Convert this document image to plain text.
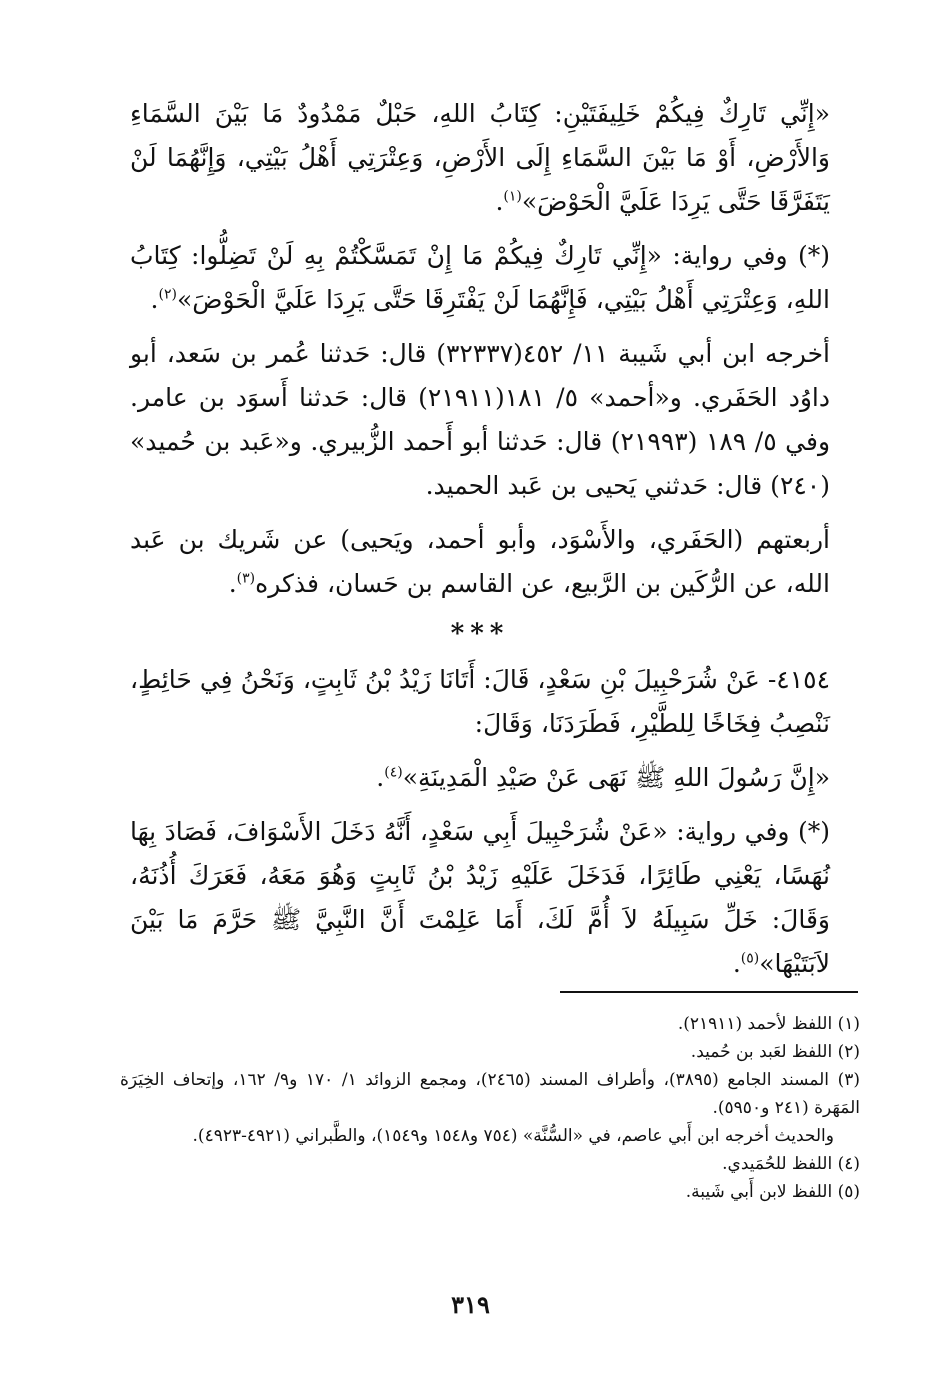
«إِنِّي تَارِكٌ فِيكُمْ خَلِيفَتَيْنِ: كِتَابُ اللهِ، حَبْلٌ مَمْدُودٌ مَا بَيْنَ السَّمَاءِ وَالأَرْضِ، أَوْ مَا بَيْنَ السَّمَاءِ إِلَى الأَرْضِ، وَعِتْرَتِي أَهْلُ بَيْتِي، وَإِنَّهُمَا لَنْ يَتَفَرَّقَا حَتَّى يَرِدَا عَلَيَّ الْحَوْضَ»$^{(١)}$.

(*) وفي رواية: «إِنِّي تَارِكٌ فِيكُمْ مَا إِنْ تَمَسَّكْتُمْ بِهِ لَنْ تَضِلُّوا: كِتَابُ اللهِ، وَعِتْرَتِي أَهْلُ بَيْتِي، فَإِنَّهُمَا لَنْ يَفْتَرِقَا حَتَّى يَرِدَا عَلَيَّ الْحَوْضَ»$^{(٢)}$.

أخرجه ابن أبي شَيبة ١١/ ٤٥٢(٣٢٣٣٧) قال: حَدثنا عُمر بن سَعد، أبو داوُد الحَفَري. و«أحمد» ٥/ ١٨١(٢١٩١١) قال: حَدثنا أَسوَد بن عامر. وفي ٥/ ١٨٩ (٢١٩٩٣) قال: حَدثنا أبو أَحمد الزُّبيري. و«عَبد بن حُميد» (٢٤٠) قال: حَدثني يَحيى بن عَبد الحميد.

أربعتهم (الحَفَري، والأَسْوَد، وأبو أحمد، ويَحيى) عن شَريك بن عَبد الله، عن الرُّكَين بن الرَّبيع، عن القاسم بن حَسان، فذكره$^{(٣)}$.

***

٤١٥٤- عَنْ شُرَحْبِيلَ بْنِ سَعْدٍ، قَالَ: أَتَانَا زَيْدُ بْنُ ثَابِتٍ، وَنَحْنُ فِي حَائِطٍ، نَنْصِبُ فِخَاخًا لِلطَّيْرِ، فَطَرَدَنَا، وَقَالَ:

«إِنَّ رَسُولَ اللهِ ﷺ نَهَى عَنْ صَيْدِ الْمَدِينَةِ»$^{(٤)}$.

(*) وفي رواية: «عَنْ شُرَحْبِيلَ أَبِي سَعْدٍ، أَنَّهُ دَخَلَ الأَسْوَافَ، فَصَادَ بِهَا نُهَسًا، يَعْنِي طَائِرًا، فَدَخَلَ عَلَيْهِ زَيْدُ بْنُ ثَابِتٍ وَهُوَ مَعَهُ، فَعَرَكَ أُذُنَهُ، وَقَالَ: خَلِّ سَبِيلَهُ لاَ أُمَّ لَكَ، أَمَا عَلِمْتَ أَنَّ النَّبِيَّ ﷺ حَرَّمَ مَا بَيْنَ لاَبَتَيْهَا»$^{(٥)}$.

(١) اللفظ لأحمد (٢١٩١١).

(٢) اللفظ لعَبد بن حُميد.

(٣) المسند الجامع (٣٨٩٥)، وأطراف المسند (٢٤٦٥)، ومجمع الزوائد ١/ ١٧٠ و٩/ ١٦٢، وإتحاف الخِيَرَة المَهَرة (٢٤١ و٥٩٥٠).

والحديث أخرجه ابن أَبي عاصم، في «السُّنَّة» (٧٥٤ و١٥٤٨ و١٥٤٩)، والطَّبراني (٤٩٢١-٤٩٢٣).

(٤) اللفظ للحُمَيدي.

(٥) اللفظ لابن أَبي شَيبة.

٣١٩
